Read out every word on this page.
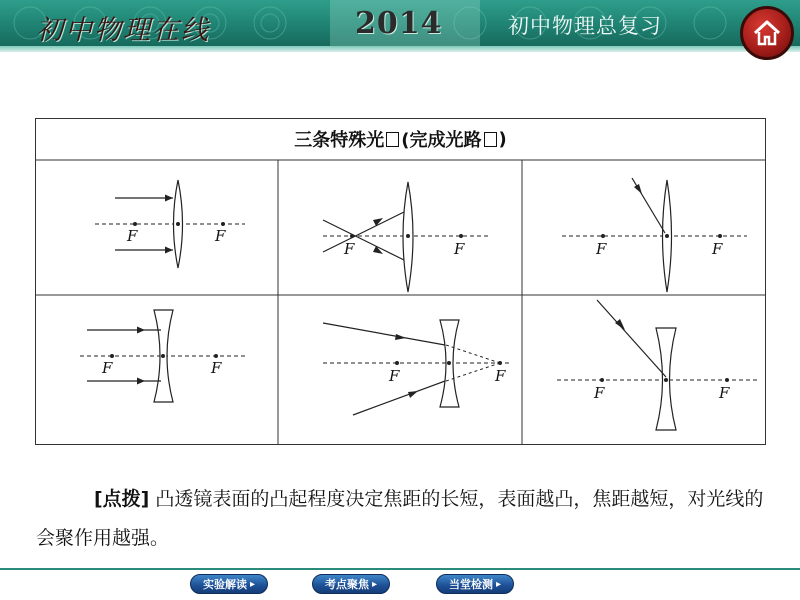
初中物理在线	2014	初中物理总复习
三条特殊光 (完成光路 )
F	F
F	F	F	F
F	F	F	F
F	F
[点拨] 凸透镜表面的凸起程度决定焦距的长短，表面越凸，焦距越短，对光线的会聚作用越强。
实验解读 ▸	考点聚焦 ▸	当堂检测 ▸
